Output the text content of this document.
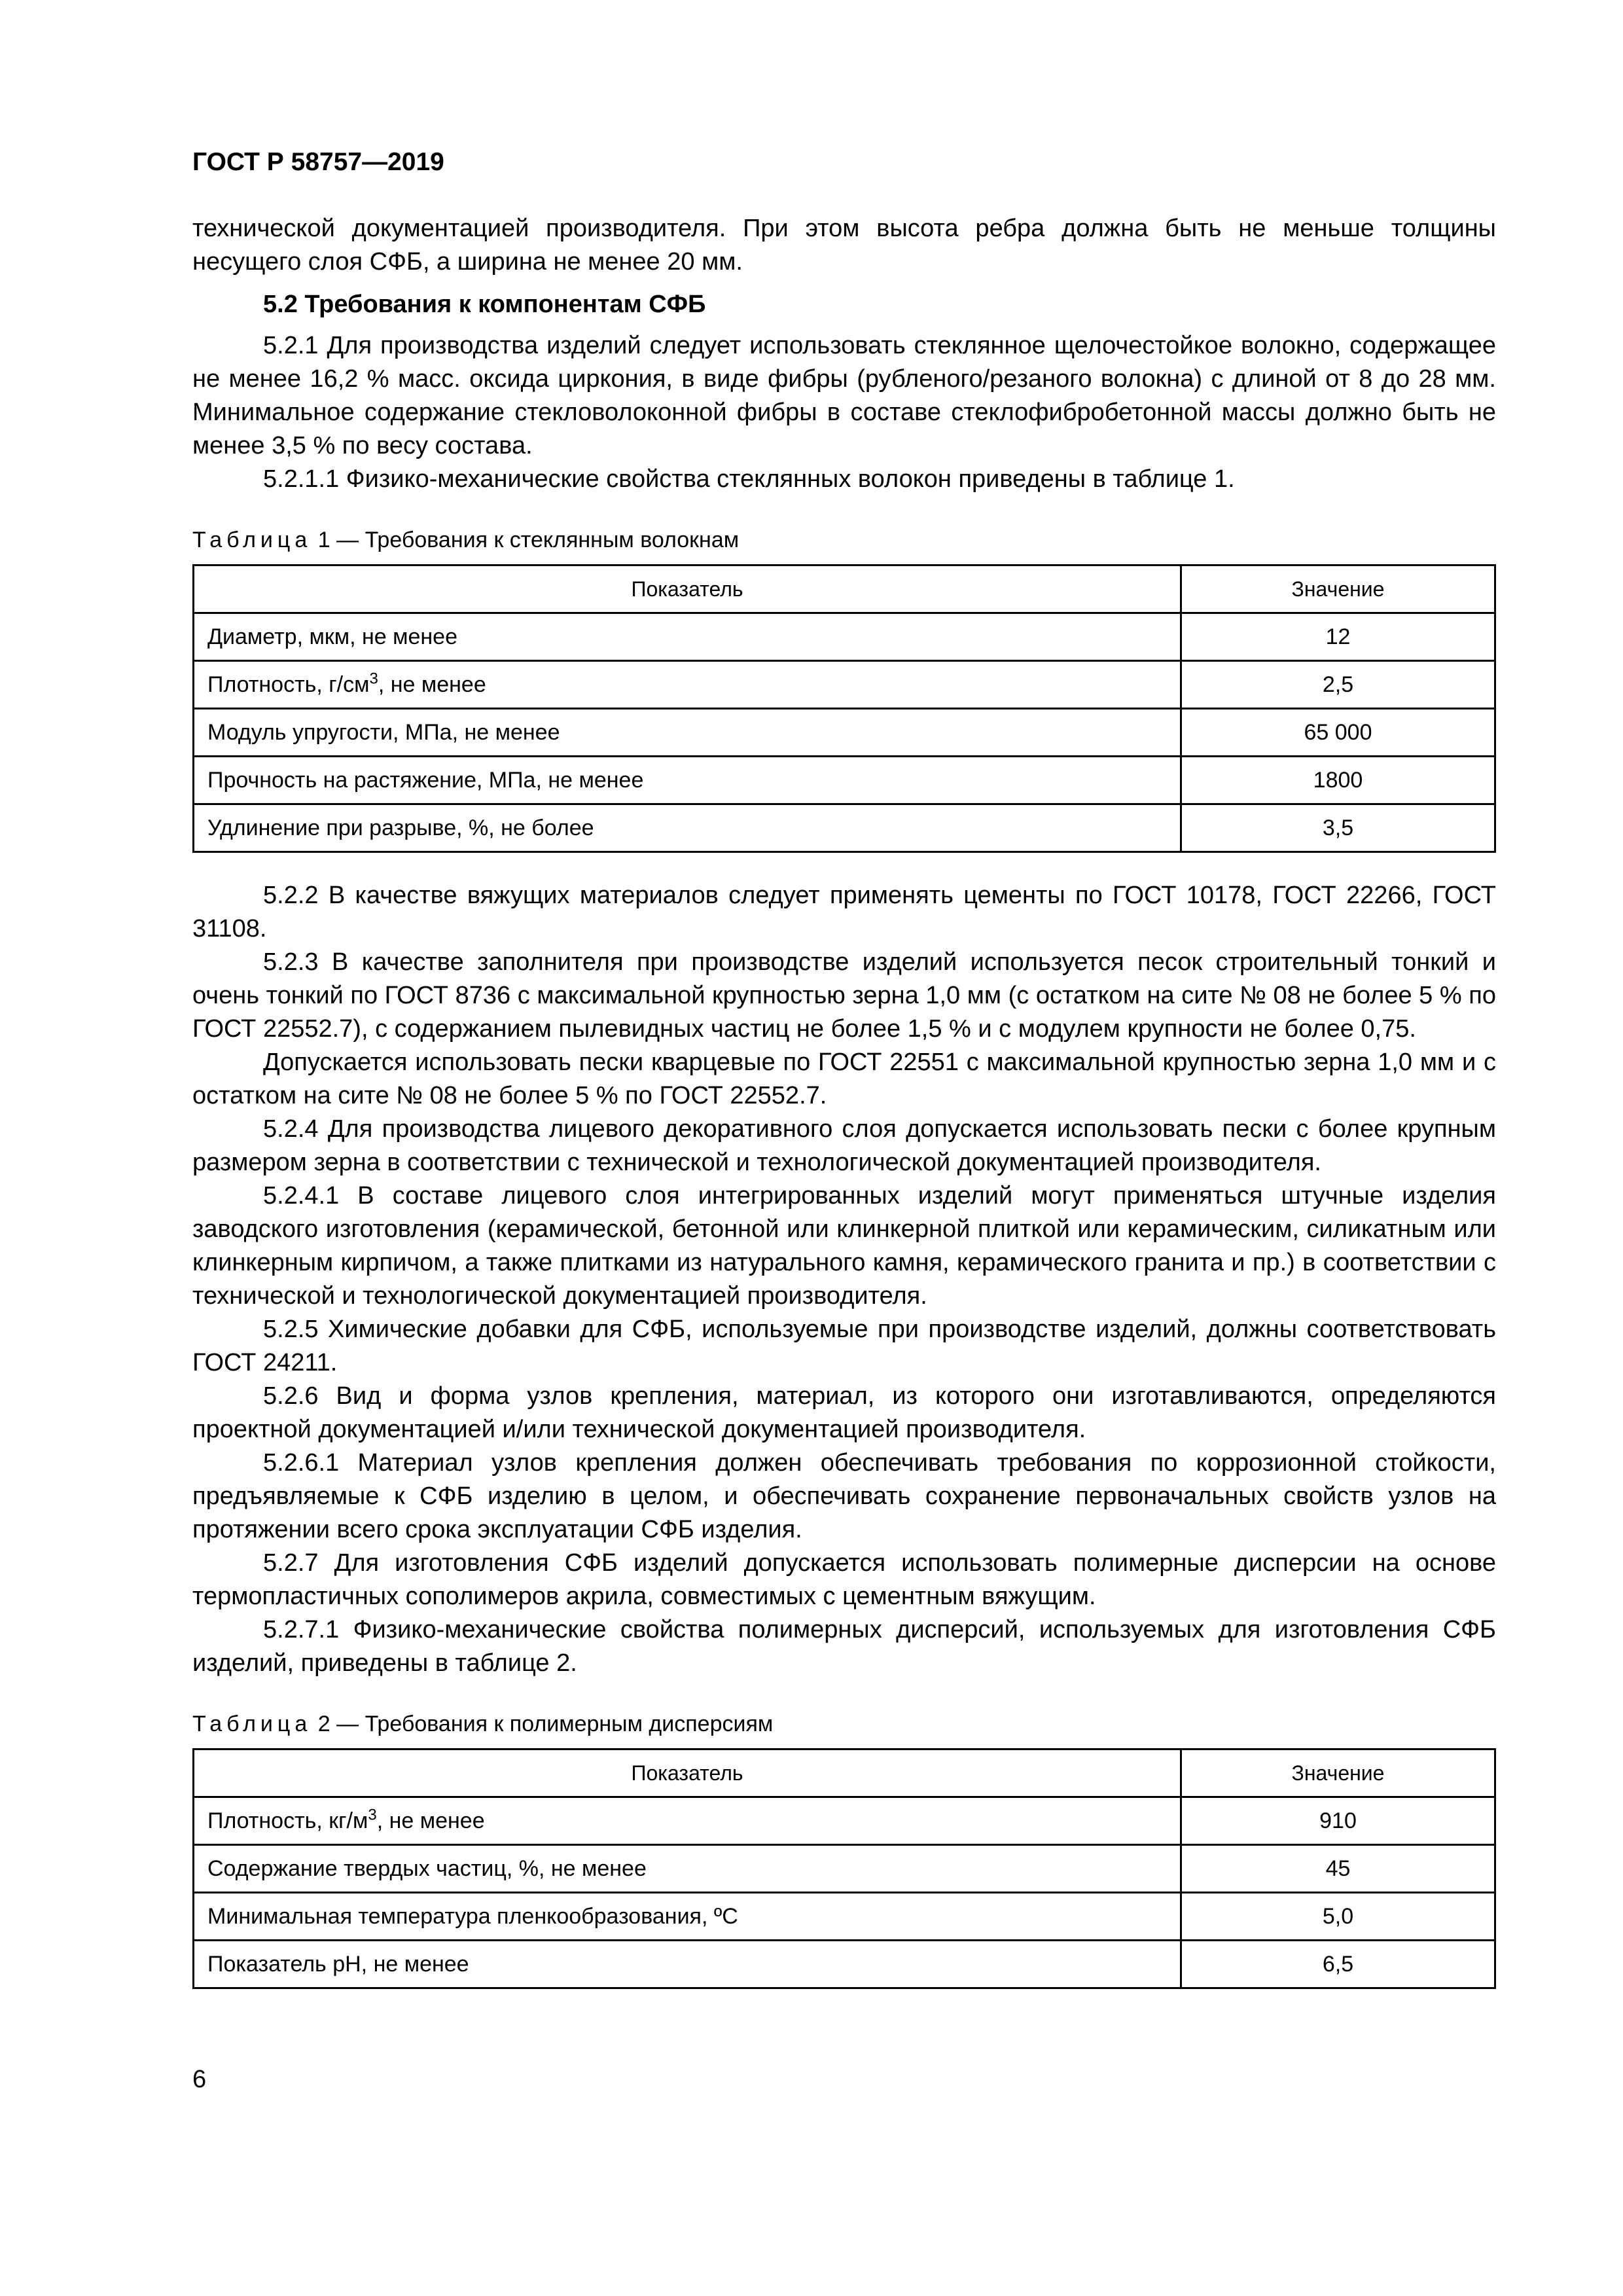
ГОСТ Р 58757—2019

технической документацией производителя. При этом высота ребра должна быть не меньше толщины несущего слоя СФБ, а ширина не менее 20 мм.

5.2 Требования к компонентам СФБ

5.2.1 Для производства изделий следует использовать стеклянное щелочестойкое волокно, содержащее не менее 16,2 % масс. оксида циркония, в виде фибры (рубленого/резаного волокна) с длиной от 8 до 28 мм. Минимальное содержание стекловолоконной фибры в составе стеклофибробетонной массы должно быть не менее 3,5 % по весу состава.

5.2.1.1 Физико-механические свойства стеклянных волокон приведены в таблице 1.

Таблица 1 — Требования к стеклянным волокнам
Показатель	Значение
Диаметр, мкм, не менее	12
Плотность, $г/см^3$, не менее	2,5
Модуль упругости, МПа, не менее	65 000
Прочность на растяжение, МПа, не менее	1800
Удлинение при разрыве, %, не более	3,5

5.2.2 В качестве вяжущих материалов следует применять цементы по ГОСТ 10178, ГОСТ 22266, ГОСТ 31108.

5.2.3 В качестве заполнителя при производстве изделий используется песок строительный тонкий и очень тонкий по ГОСТ 8736 с максимальной крупностью зерна 1,0 мм (с остатком на сите № 08 не более 5 % по ГОСТ 22552.7), с содержанием пылевидных частиц не более 1,5 % и с модулем крупности не более 0,75.

Допускается использовать пески кварцевые по ГОСТ 22551 с максимальной крупностью зерна 1,0 мм и с остатком на сите № 08 не более 5 % по ГОСТ 22552.7.

5.2.4 Для производства лицевого декоративного слоя допускается использовать пески с более крупным размером зерна в соответствии с технической и технологической документацией производителя.

5.2.4.1 В составе лицевого слоя интегрированных изделий могут применяться штучные изделия заводского изготовления (керамической, бетонной или клинкерной плиткой или керамическим, силикатным или клинкерным кирпичом, а также плитками из натурального камня, керамического гранита и пр.) в соответствии с технической и технологической документацией производителя.

5.2.5 Химические добавки для СФБ, используемые при производстве изделий, должны соответствовать ГОСТ 24211.

5.2.6 Вид и форма узлов крепления, материал, из которого они изготавливаются, определяются проектной документацией и/или технической документацией производителя.

5.2.6.1 Материал узлов крепления должен обеспечивать требования по коррозионной стойкости, предъявляемые к СФБ изделию в целом, и обеспечивать сохранение первоначальных свойств узлов на протяжении всего срока эксплуатации СФБ изделия.

5.2.7 Для изготовления СФБ изделий допускается использовать полимерные дисперсии на основе термопластичных сополимеров акрила, совместимых с цементным вяжущим.

5.2.7.1 Физико-механические свойства полимерных дисперсий, используемых для изготовления СФБ изделий, приведены в таблице 2.

Таблица 2 — Требования к полимерным дисперсиям
Показатель	Значение
Плотность, $кг/м^3$, не менее	910
Содержание твердых частиц, %, не менее	45
Минимальная температура пленкообразования, ºС	5,0
Показатель рН, не менее	6,5
6
